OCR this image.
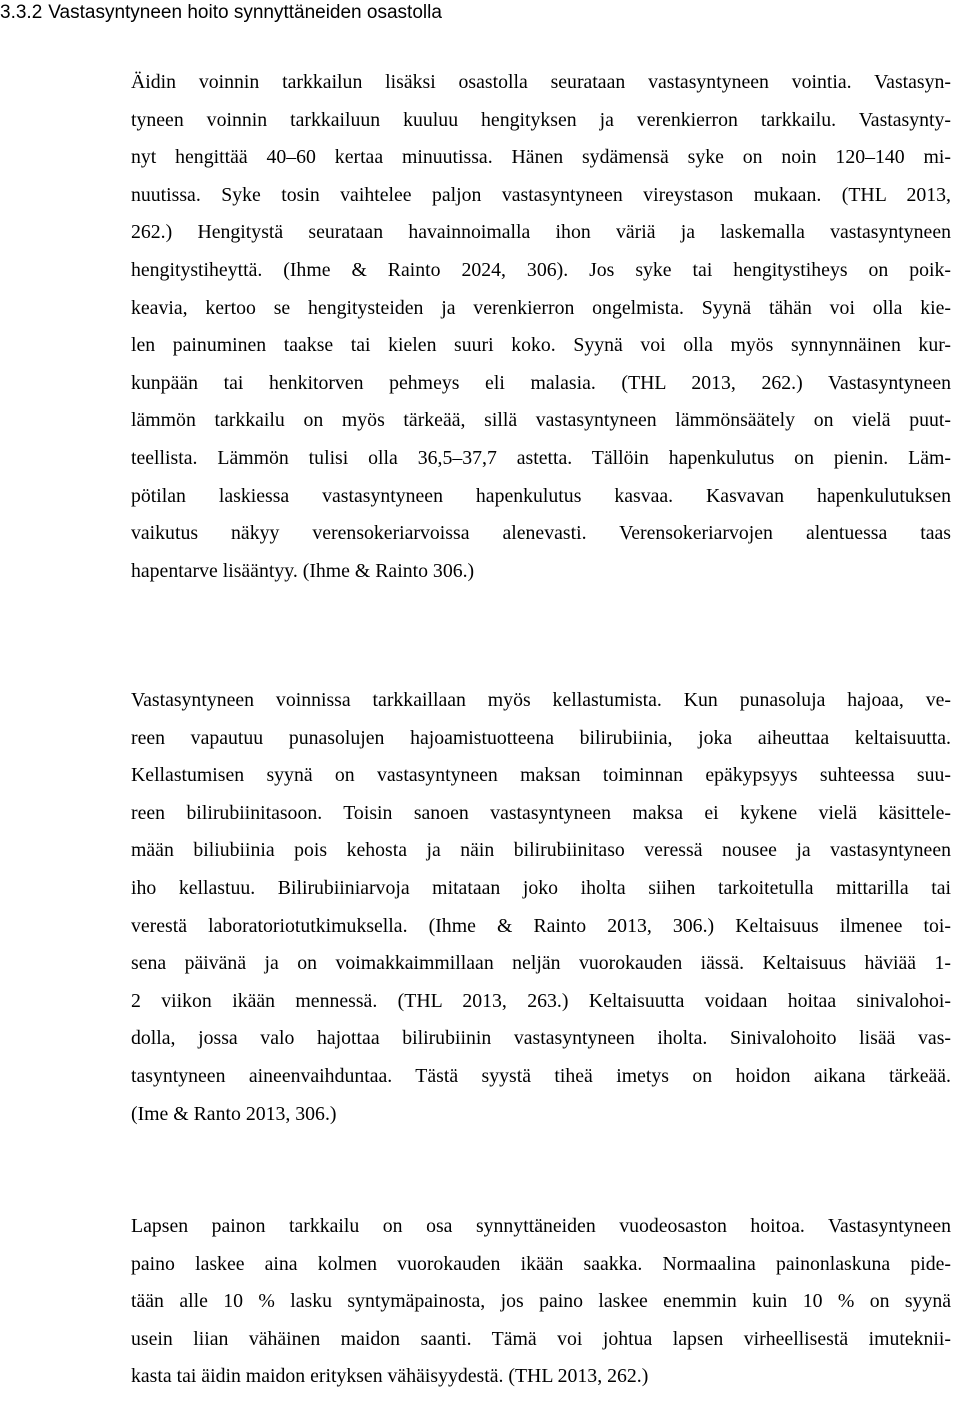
3.3.2 Vastasyntyneen hoito synnyttäneiden osastolla
Äidin voinnin tarkkailun lisäksi osastolla seurataan vastasyntyneen vointia. Vastasyn-
tyneen voinnin tarkkailuun kuuluu hengityksen ja verenkierron tarkkailu. Vastasynty-
nyt hengittää 40–60 kertaa minuutissa. Hänen sydämensä syke on noin 120–140 mi-
nuutissa. Syke tosin vaihtelee paljon vastasyntyneen vireystason mukaan. (THL 2013,
262.) Hengitystä seurataan havainnoimalla ihon väriä ja laskemalla vastasyntyneen
hengitystiheyttä. (Ihme & Rainto 2024, 306). Jos syke tai hengitystiheys on poik-
keavia, kertoo se hengitysteiden ja verenkierron ongelmista. Syynä tähän voi olla kie-
len painuminen taakse tai kielen suuri koko. Syynä voi olla myös synnynnäinen kur-
kunpään tai henkitorven pehmeys eli malasia. (THL 2013, 262.) Vastasyntyneen
lämmön tarkkailu on myös tärkeää, sillä vastasyntyneen lämmönsäätely on vielä puut-
teellista. Lämmön tulisi olla 36,5–37,7 astetta. Tällöin hapenkulutus on pienin. Läm-
pötilan laskiessa vastasyntyneen hapenkulutus kasvaa. Kasvavan hapenkulutuksen
vaikutus näkyy verensokeriarvoissa alenevasti. Verensokeriarvojen alentuessa taas
hapentarve lisääntyy. (Ihme & Rainto 306.)
Vastasyntyneen voinnissa tarkkaillaan myös kellastumista. Kun punasoluja hajoaa, ve-
reen vapautuu punasolujen hajoamistuotteena bilirubiinia, joka aiheuttaa keltaisuutta.
Kellastumisen syynä on vastasyntyneen maksan toiminnan epäkypsyys suhteessa suu-
reen bilirubiinitasoon. Toisin sanoen vastasyntyneen maksa ei kykene vielä käsittele-
mään biliubiinia pois kehosta ja näin bilirubiinitaso veressä nousee ja vastasyntyneen
iho kellastuu. Bilirubiiniarvoja mitataan joko iholta siihen tarkoitetulla mittarilla tai
verestä laboratoriotutkimuksella. (Ihme & Rainto 2013, 306.) Keltaisuus ilmenee toi-
sena päivänä ja on voimakkaimmillaan neljän vuorokauden iässä. Keltaisuus häviää 1-
2 viikon ikään mennessä. (THL 2013, 263.) Keltaisuutta voidaan hoitaa sinivalohoi-
dolla, jossa valo hajottaa bilirubiinin vastasyntyneen iholta. Sinivalohoito lisää vas-
tasyntyneen aineenvaihduntaa. Tästä syystä tiheä imetys on hoidon aikana tärkeää.
(Ime & Ranto 2013, 306.)
Lapsen painon tarkkailu on osa synnyttäneiden vuodeosaston hoitoa. Vastasyntyneen
paino laskee aina kolmen vuorokauden ikään saakka. Normaalina painonlaskuna pide-
tään alle 10 % lasku syntymäpainosta, jos paino laskee enemmin kuin 10 % on syynä
usein liian vähäinen maidon saanti. Tämä voi johtua lapsen virheellisestä imuteknii-
kasta tai äidin maidon erityksen vähäisyydestä. (THL 2013, 262.)
